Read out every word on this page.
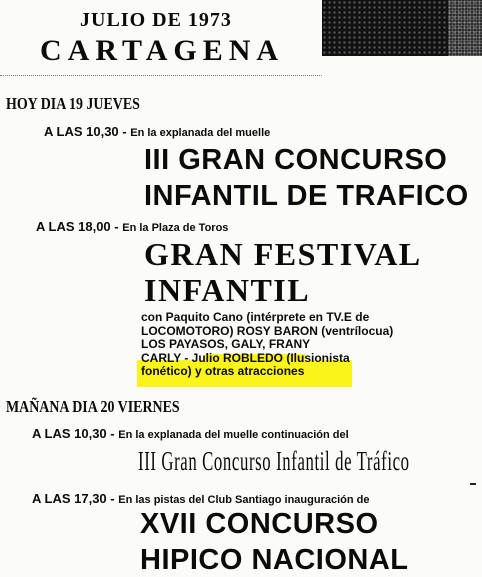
JULIO DE 1973
CARTAGENA
HOY DIA 19 JUEVES
A LAS 10,30 - En la explanada del muelle
III GRAN CONCURSO
INFANTIL DE TRAFICO
A LAS 18,00 - En la Plaza de Toros
GRAN FESTIVAL
INFANTIL
con Paquito Cano (intérprete en TV.E de
LOCOMOTORO) ROSY BARON (ventrílocua)
LOS PAYASOS, GALY, FRANY
CARLY - Julio ROBLEDO (Ilusionista
fonético) y otras atracciones
MAÑANA DIA 20 VIERNES
A LAS 10,30 - En la explanada del muelle continuación del
III Gran Concurso Infantil de Tráfico
A LAS 17,30 - En las pistas del Club Santiago inauguración de
XVII CONCURSO
HIPICO NACIONAL
